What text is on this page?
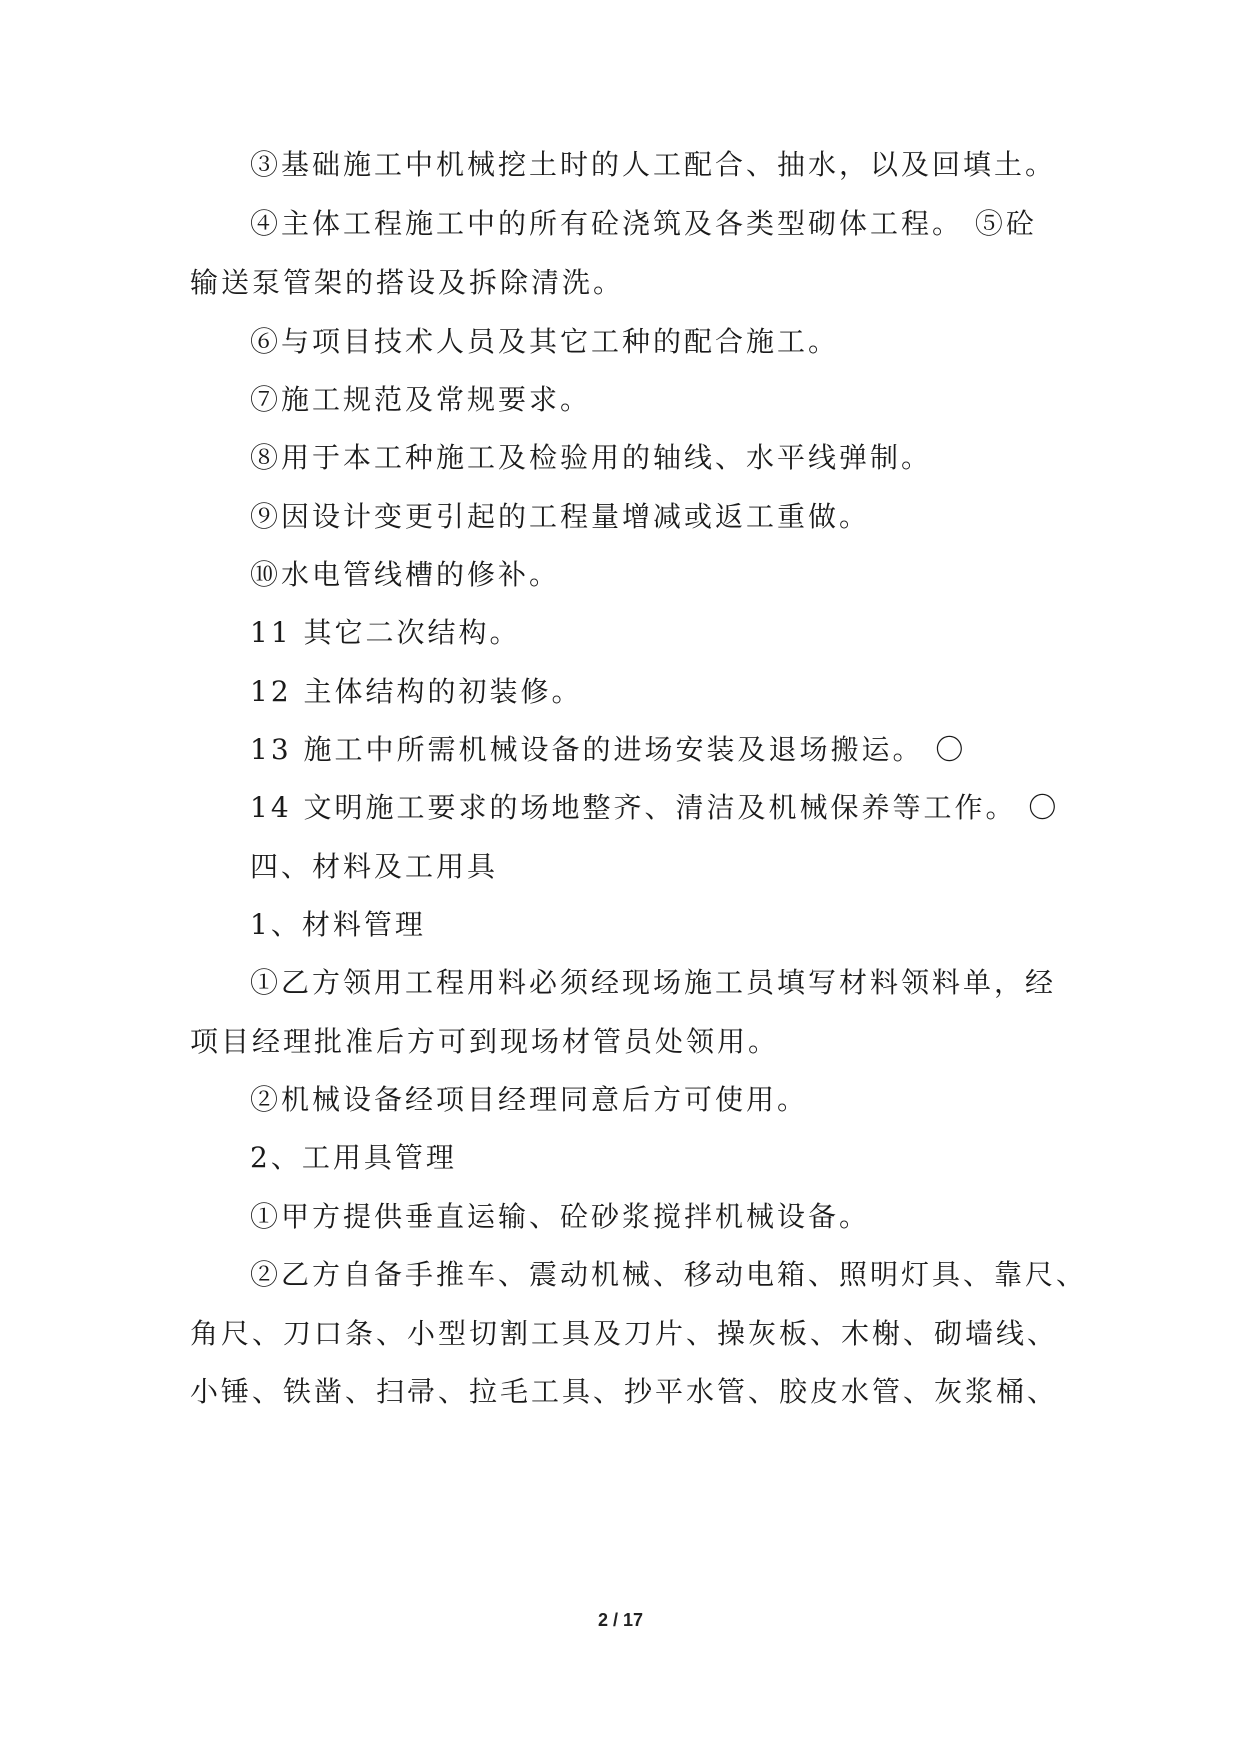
③基础施工中机械挖土时的人工配合、抽水，以及回填土。
④主体工程施工中的所有砼浇筑及各类型砌体工程。 ⑤砼
输送泵管架的搭设及拆除清洗。
⑥与项目技术人员及其它工种的配合施工。
⑦施工规范及常规要求。
⑧用于本工种施工及检验用的轴线、水平线弹制。
⑨因设计变更引起的工程量增减或返工重做。
⑩水电管线槽的修补。
11 其它二次结构。
12 主体结构的初装修。
13 施工中所需机械设备的进场安装及退场搬运。 〇
14 文明施工要求的场地整齐、清洁及机械保养等工作。 〇
四、材料及工用具
1、材料管理
①乙方领用工程用料必须经现场施工员填写材料领料单，经
项目经理批准后方可到现场材管员处领用。
②机械设备经项目经理同意后方可使用。
2、工用具管理
①甲方提供垂直运输、砼砂浆搅拌机械设备。
②乙方自备手推车、震动机械、移动电箱、照明灯具、靠尺、
角尺、刀口条、小型切割工具及刀片、操灰板、木榭、砌墙线、
小锤、铁凿、扫帚、拉毛工具、抄平水管、胶皮水管、灰浆桶、
2 / 17
